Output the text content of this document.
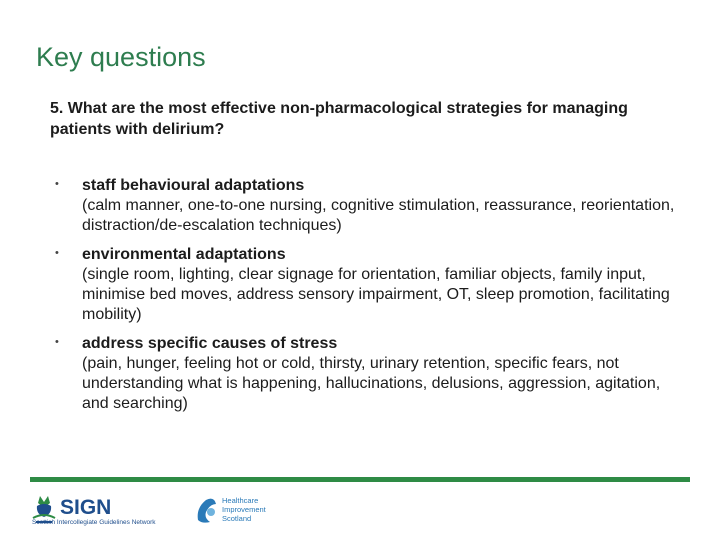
Key questions
5. What are the most effective non-pharmacological strategies for managing patients with delirium?
• staff behavioural adaptations
(calm manner, one-to-one nursing, cognitive stimulation, reassurance, reorientation, distraction/de-escalation techniques)
• environmental adaptations
(single room, lighting, clear signage for orientation, familiar objects, family input, minimise bed moves, address sensory impairment, OT, sleep promotion, facilitating mobility)
• address specific causes of stress
(pain, hunger, feeling hot or cold, thirsty, urinary retention, specific fears, not understanding what is happening, hallucinations, delusions, aggression, agitation, and searching)
SIGN
Scottish Intercollegiate Guidelines Network
Healthcare
Improvement
Scotland
